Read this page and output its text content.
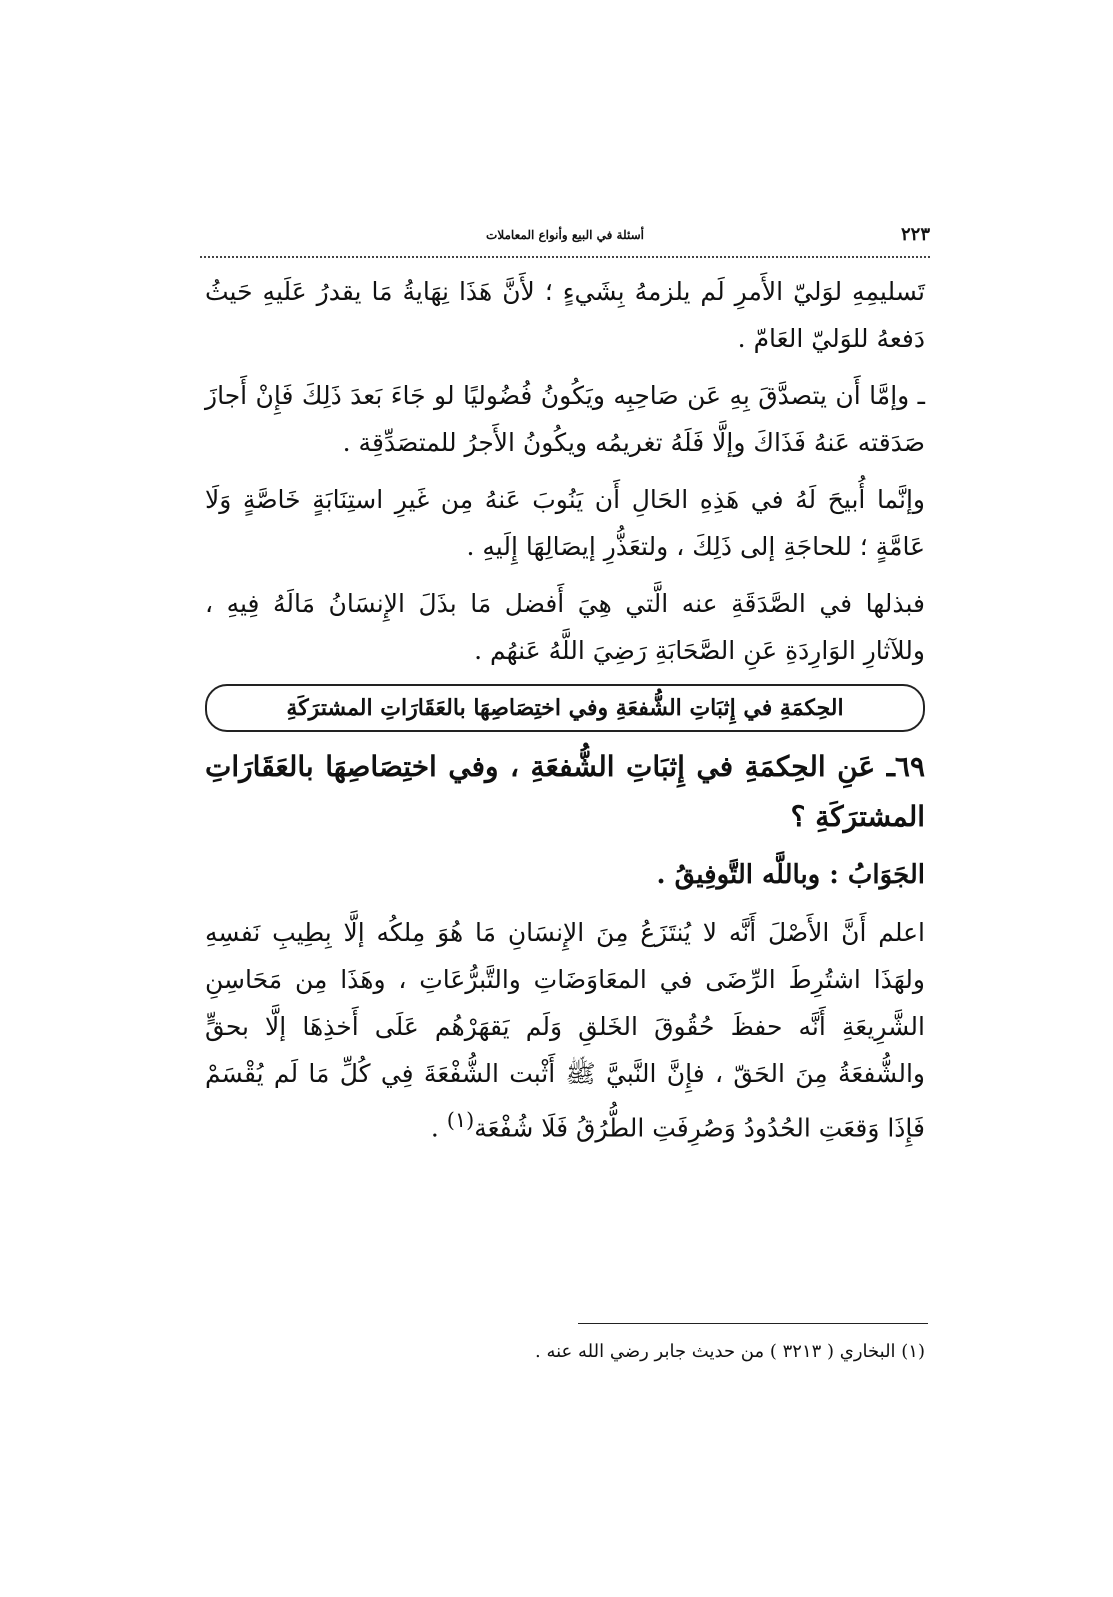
٢٢٣
أسئلة في البيع وأنواع المعاملات

تَسليمِهِ لوَليّ الأَمرِ لَم يلزمهُ بِشَيءٍ ؛ لأَنَّ هَذَا نِهَايةُ مَا يقدرُ عَلَيهِ حَيثُ دَفعهُ للوَليّ العَامّ .

ـ وإمَّا أَن يتصدَّقَ بِهِ عَن صَاحِبِه ويَكُونُ فُضُوليًا لو جَاءَ بَعدَ ذَلِكَ فَإِنْ أَجازَ صَدَقته عَنهُ فَذَاكَ وإلَّا فَلَهُ تغريمُه ويكُونُ الأَجرُ للمتصَدِّقِة .

وإنَّما أُبيحَ لَهُ في هَذِهِ الحَالِ أَن يَنُوبَ عَنهُ مِن غَيرِ استِنَابَةٍ خَاصَّةٍ وَلَا عَامَّةٍ ؛ للحاجَةِ إلى ذَلِكَ ، ولتعَذُّرِ إيصَالِهَا إِلَيهِ .

فبذلها في الصَّدَقَةِ عنه الَّتي هِيَ أَفضل مَا بذَلَ الإِنسَانُ مَالَهُ فِيهِ ، وللآثارِ الوَارِدَةِ عَنِ الصَّحَابَةِ رَضِيَ اللَّهُ عَنهُم .

الحِكمَةِ في إِثبَاتِ الشُّفعَةِ وفي اختِصَاصِهَا بالعَقَارَاتِ المشترَكَةِ

٦٩ـ عَنِ الحِكمَةِ في إِثبَاتِ الشُّفعَةِ ، وفي اختِصَاصِهَا بالعَقَارَاتِ المشترَكَةِ ؟

الجَوَابُ : وباللَّه التَّوفِيقُ .

اعلم أَنَّ الأَصْلَ أَنَّه لا يُنتَزَعُ مِنَ الإِنسَانِ مَا هُوَ مِلكُه إلَّا بِطِيبِ نَفسِهِ ولهَذَا اشتُرِطَ الرِّضَى في المعَاوَضَاتِ والتَّبرُّعَاتِ ، وهَذَا مِن مَحَاسِنِ الشَّرِيعَةِ أَنَّه حفظَ حُقُوقَ الخَلقِ وَلَم يَقهَرْهُم عَلَى أَخذِهَا إلَّا بحقٍّ والشُّفعَةُ مِنَ الحَقّ ، فإِنَّ النَّبيَّ ﷺ أَثْبت الشُّفْعَةَ فِي كُلِّ مَا لَم يُقْسَمْ فَإِذَا وَقعَتِ الحُدُودُ وَصُرِفَتِ الطُّرُقُ فَلَا شُفْعَة$^{(١)}$ .

(١) البخاري ( ٣٢١٣ ) من حديث جابر رضي الله عنه .
